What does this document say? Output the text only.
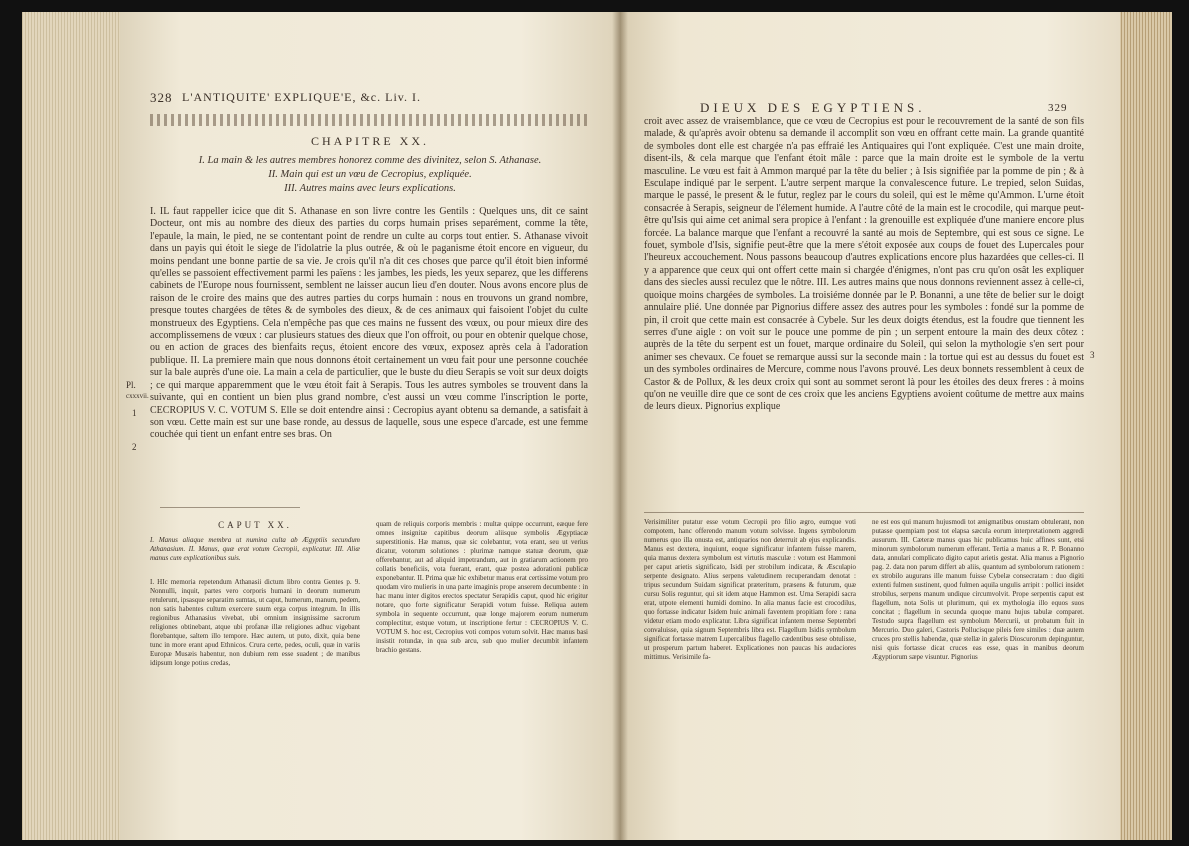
328 L'ANTIQUITE' EXPLIQUE'E, &c. Liv. I.
CHAPITRE XX.
I. La main & les autres membres honorez comme des divinitez, selon S. Athanase.
II. Main qui est un vœu de Cecropius, expliquée.
III. Autres mains avec leurs explications.

I. IL faut rappeller icice que dit S. Athanase en son livre contre les Gentils : Quelques uns, dit ce saint Docteur, ont mis au nombre des dieux des parties du corps humain prises separément, comme la tête, l'epaule, la main, le pied, ne se contentant point de rendre un culte au corps tout entier. S. Athanase vivoit dans un payis qui étoit le siege de l'idolatrie la plus outrée, & où le paganisme étoit encore en vigueur, du moins pendant une bonne partie de sa vie. Je crois qu'il n'a dit ces choses que parce qu'il étoit bien informé qu'elles se passoient effectivement parmi les païens : les jambes, les pieds, les yeux separez, que les differens cabinets de l'Europe nous fournissent, semblent ne laisser aucun lieu d'en douter. Nous avons encore plus de raison de le croire des mains que des autres parties du corps humain : nous en trouvons un grand nombre, presque toutes chargées de têtes & de symboles des dieux, & de ces animaux qui faisoient l'objet du culte monstrueux des Egyptiens. Cela n'empêche pas que ces mains ne fussent des vœux, ou pour mieux dire des accomplissemens de vœux : car plusieurs statues des dieux que l'on offroit, ou pour en obtenir quelque chose, ou en action de graces des bienfaits reçus, étoient encore des vœux, exposez après cela à l'adoration publique. II. La premiere main que nous donnons étoit certainement un vœu fait pour une personne couchée sur la bale auprès d'une oie. La main a cela de particulier, que le buste du dieu Serapis se voit sur deux doigts ; ce qui marque apparemment que le vœu étoit fait à Serapis. Tous les autres symboles se trouvent dans la suivante, qui en contient un bien plus grand nombre, c'est aussi un vœu comme l'inscription le porte, CECROPIUS V. C. VOTUM S. Elle se doit entendre ainsi : Cecropius ayant obtenu sa demande, a satisfait à son vœu. Cette main est sur une base ronde, au dessus de laquelle, sous une espece d'arcade, est une femme couchée qui tient un enfant entre ses bras. On

Pl.
cxxxvii.
1
2
CAPUT XX.

I. Manus aliaque membra ut numina culta ab Ægyptiis secundum Athanasium. II. Manus, quæ erat votum Cecropii, explicatur. III. Aliæ manus cum explicationibus suis.

I. HIc memoria repetendum Athanasii dictum libro contra Gentes p. 9. Nonnulli, inquit, partes vero corporis humani in deorum numerum retulerunt, ipsasque separatim sumtas, ut caput, humerum, manum, pedem, non satis habentes cultum exercere suum erga corpus integrum. In illis regionibus Athanasius vivebat, ubi omnium insignissime sacrorum religiones obtinebant, atque ubi profanæ illæ religiones adhuc vigebant florebantque, saltem illo tempore. Hæc autem, ut puto, dixit, quia bene tunc in more erant apud Ethnicos. Crura certe, pedes, oculi, quæ in variis Europæ Musæis habentur, non dubium rem esse suadent ; de manibus idipsum longe potius credas,

quam de reliquis corporis membris : multæ quippe occurrunt, eæque fere omnes insignitæ capitibus deorum aliisque symbolis Ægyptiacæ superstitionis. Hæ manus, quæ sic colebantur, vota erant, seu ut verius dicatur, votorum solutiones : plurimæ namque statuæ deorum, quæ offerebantur, aut ad aliquid impetrandum, aut in gratiarum actionem pro collatis beneficiis, vota fuerant, erant, quæ postea adorationi publicæ exponebantur. II. Prima quæ hic exhibetur manus erat certissime votum pro quodam viro mulieris in una parte imaginis prope anserem decumbente : in hac manu inter digitos erectos spectatur Serapidis caput, quod hic erigitur notare, quo forte significatur Serapidi votum fuisse. Reliqua autem symbola in sequente occurrunt, quæ longe majorem eorum numerum complectitur, estque votum, ut inscriptione fertur : CECROPIUS V. C. VOTUM S. hoc est, Cecropius voti compos votum solvit. Hæc manus basi insistit rotundæ, in qua sub arcu, sub quo mulier decumbit infantem brachio gestans.

DIEUX DES EGYPTIENS.	329

croit avec assez de vraisemblance, que ce vœu de Cecropius est pour le recouvrement de la santé de son fils malade, & qu'après avoir obtenu sa demande il accomplit son vœu en offrant cette main. La grande quantité de symboles dont elle est chargée n'a pas effraié les Antiquaires qui l'ont expliquée. C'est une main droite, disent-ils, & cela marque que l'enfant étoit mâle : parce que la main droite est le symbole de la vertu masculine. Le vœu est fait à Ammon marqué par la tête du belier ; à Isis signifiée par la pomme de pin ; & à Esculape indiqué par le serpent. L'autre serpent marque la convalescence future. Le trepied, selon Suidas, marque le passé, le present & le futur, reglez par le cours du soleil, qui est le même qu'Ammon. L'urne étoit consacrée à Serapis, seigneur de l'élement humide. A l'autre côté de la main est le crocodile, qui marque peut-être qu'Isis qui aime cet animal sera propice à l'enfant : la grenouille est expliquée d'une maniere encore plus forcée. La balance marque que l'enfant a recouvré la santé au mois de Septembre, qui est sous ce signe. Le fouet, symbole d'Isis, signifie peut-être que la mere s'étoit exposée aux coups de fouet des Lupercales pour l'heureux accouchement. Nous passons beaucoup d'autres explications encore plus hazardées que celles-ci. Il y a apparence que ceux qui ont offert cette main si chargée d'énigmes, n'ont pas cru qu'on osât les expliquer dans des siecles aussi reculez que le nôtre. III. Les autres mains que nous donnons reviennent assez à celle-ci, quoique moins chargées de symboles. La troisiéme donnée par le P. Bonanni, a une tête de belier sur le doigt annulaire plié. Une donnée par Pignorius differe assez des autres pour les symboles : fondé sur la pomme de pin, il croit que cette main est consacrée à Cybele. Sur les deux doigts étendus, est la foudre que tiennent les serres d'une aigle : on voit sur le pouce une pomme de pin ; un serpent entoure la main des deux côtez : auprès de la tête du serpent est un fouet, marque ordinaire du Soleil, qui selon la mythologie s'en sert pour animer ses chevaux. Ce fouet se remarque aussi sur la seconde main : la tortue qui est au dessus du fouet est un des symboles ordinaires de Mercure, comme nous l'avons prouvé. Les deux bonnets ressemblent à ceux de Castor & de Pollux, & les deux croix qui sont au sommet seront là pour les étoiles des deux freres : à moins qu'on ne veuille dire que ce sont de ces croix que les anciens Egyptiens avoient coûtume de mettre aux mains de leurs dieux. Pignorius explique

3

Verisimiliter putatur esse votum Cecropii pro filio ægro, eumque voti compotem, hanc offerendo manum votum solvisse. Ingens symbolorum numerus quo illa onusta est, antiquarios non deterruit ab ejus explicandis. Manus est dextera, inquiunt, eoque significatur infantem fuisse marem, quia manus dextera symbolum est virtutis masculæ : votum est Hammoni per caput arietis significato, Isidi per strobilum indicatæ, & Æsculapio serpente designato. Alius serpens valetudinem recuperandam denotat : tripus secundum Suidam significat præteritum, præsens & futurum, quæ cursu Solis reguntur, qui sit idem atque Hammon est. Urna Serapidi sacra erat, utpote elementi humidi domino. In alia manus facie est crocodilus, quo fortasse indicatur Isidem huic animali faventem propitiam fore : rana videtur etiam modo explicatur. Libra significat infantem mense Septembri convaluisse, quia signum Septembris libra est. Flagellum Isidis symbolum significat fortasse matrem Lupercalibus flagello cædentibus sese obtulisse, ut prosperum partum haberet. Explicationes non paucas his audaciores mittimus. Verisimile fa-

ne est eos qui manum hujusmodi tot ænigmatibus onustam obtulerant, non putasse quempiam post tot elapsa sæcula eorum interpretationem aggredi ausurum. III. Cæteræ manus quas hic publicamus huic affines sunt, etsi minorum symbolorum numerum efferant. Tertia a manus a R. P. Bonanno data, annulari complicato digito caput arietis gestat. Alia manus a Pignorio pag. 2. data non parum differt ab aliis, quantum ad symbolorum rationem : ex strobilo augurans ille manum fuisse Cybelæ consecratam : duo digiti extenti fulmen sustinent, quod fulmen aquila ungulis arripit : pollici insidet strobilus, serpens manum undique circumvolvit. Prope serpentis caput est flagellum, nota Solis ut plurimum, qui ex mythologia illo equos suos concitat ; flagellum in secunda quoque manu hujus tabulæ comparet. Testudo supra flagellum est symbolum Mercurii, ut probatum fuit in Mercurio. Duo galeri, Castoris Pollucisque pileis fere similes : duæ autem cruces pro stellis habendæ, quæ stellæ in galeris Dioscurorum depinguntur, nisi quis fortasse dicat cruces eas esse, quas in manibus deorum Ægyptiorum sæpe visuntur. Pignorius
